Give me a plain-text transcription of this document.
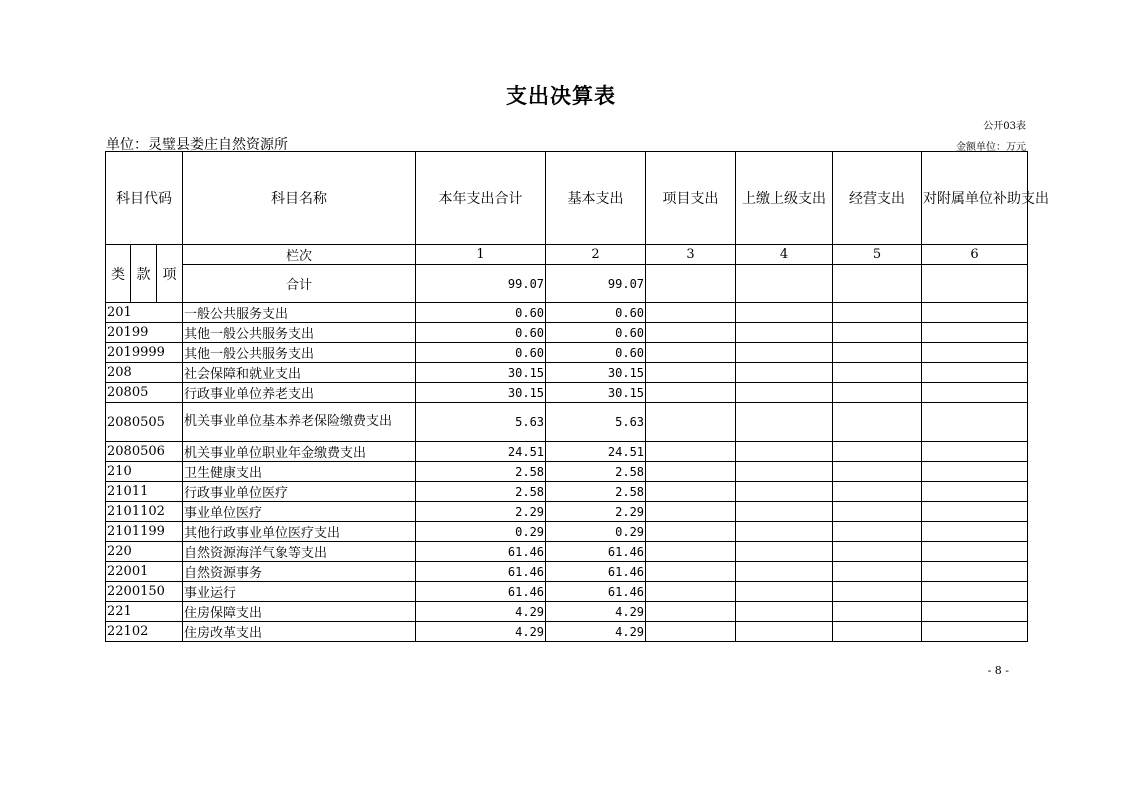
支出决算表
公开03表
单位：灵璧县娄庄自然资源所	金额单位：万元
科目代码			科目名称	本年支出合计	基本支出	项目支出	上缴上级支出	经营支出	对附属单位补助支出
类	款	项	栏次	1	2	3	4	5	6
			合计	99.07	99.07				
201			一般公共服务支出	0.60	0.60				
20199			其他一般公共服务支出	0.60	0.60				
2019999			其他一般公共服务支出	0.60	0.60				
208			社会保障和就业支出	30.15	30.15				
20805			行政事业单位养老支出	30.15	30.15				
2080505			机关事业单位基本养老保险缴费支出	5.63	5.63				
2080506			机关事业单位职业年金缴费支出	24.51	24.51				
210			卫生健康支出	2.58	2.58				
21011			行政事业单位医疗	2.58	2.58				
2101102			事业单位医疗	2.29	2.29				
2101199			其他行政事业单位医疗支出	0.29	0.29				
220			自然资源海洋气象等支出	61.46	61.46				
22001			自然资源事务	61.46	61.46				
2200150			事业运行	61.46	61.46				
221			住房保障支出	4.29	4.29				
22102			住房改革支出	4.29	4.29				
- 8 -
